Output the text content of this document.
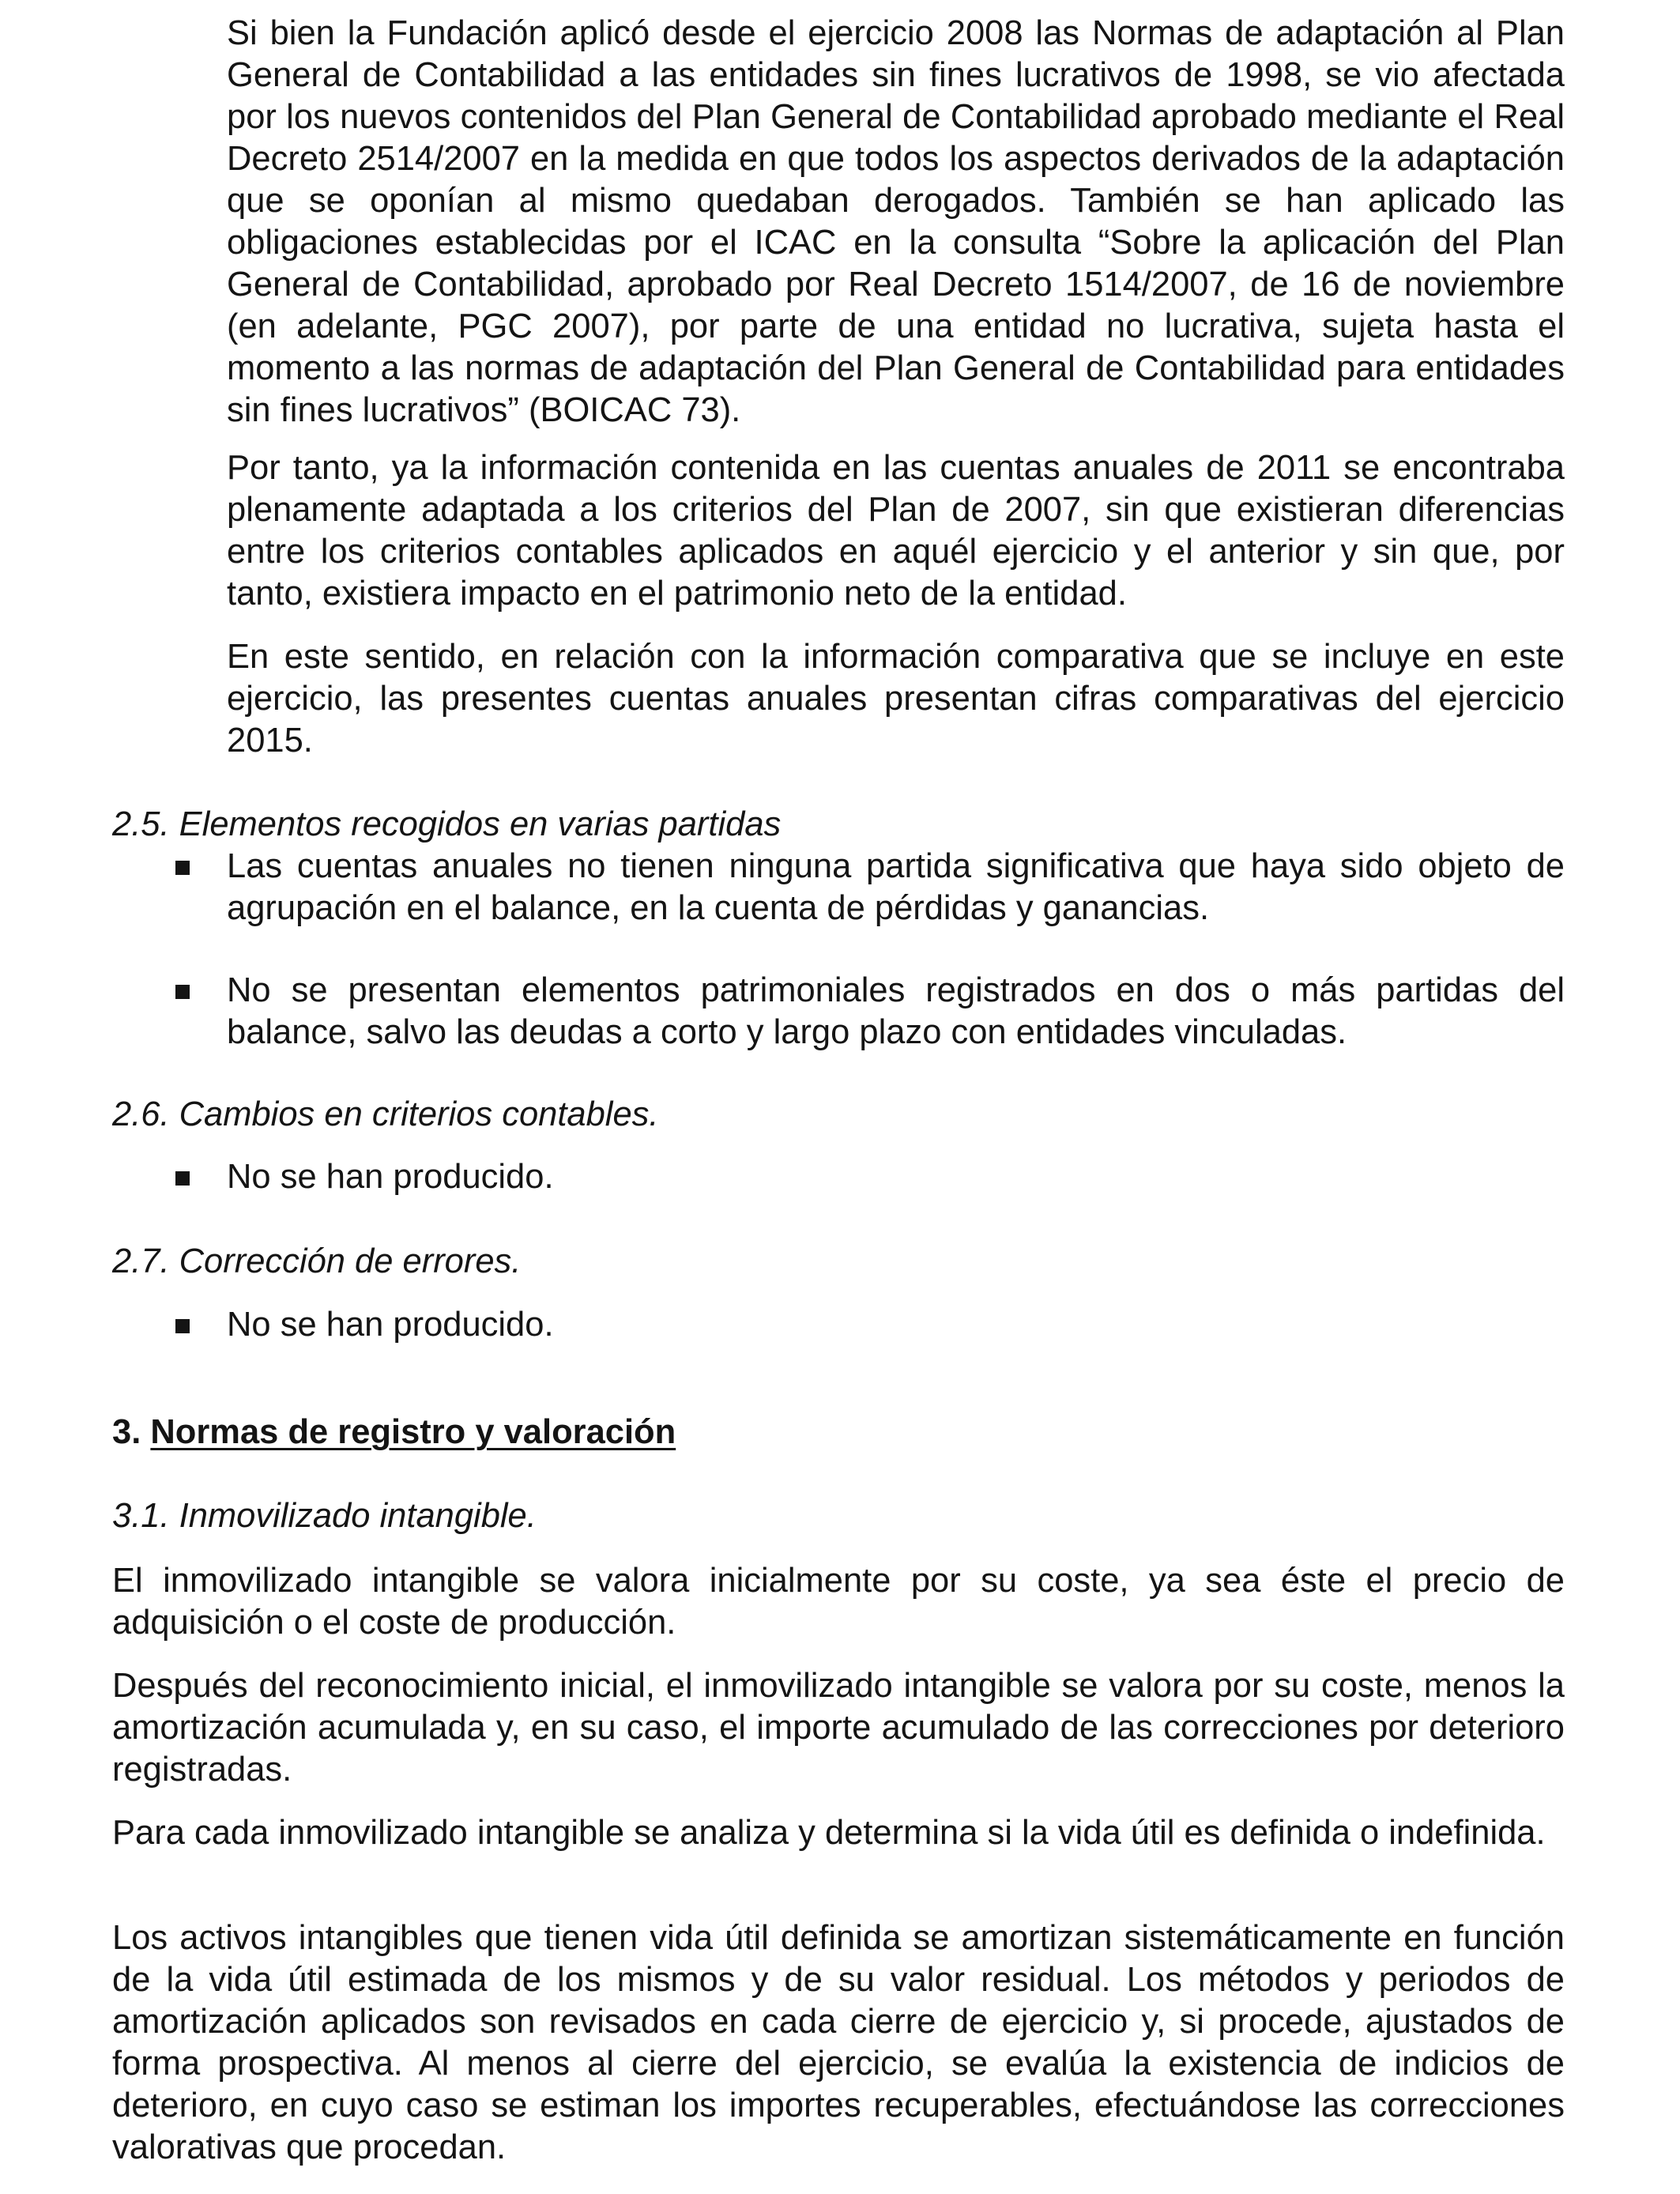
Si bien la Fundación aplicó desde el ejercicio 2008 las Normas de adaptación al Plan General de Contabilidad a las entidades sin fines lucrativos de 1998, se vio afectada por los nuevos contenidos del Plan General de Contabilidad aprobado mediante el Real Decreto 2514/2007 en la medida en que todos los aspectos derivados de la adaptación que se oponían al mismo quedaban derogados. También se han aplicado las obligaciones establecidas por el ICAC en la consulta “Sobre la aplicación del Plan General de Contabilidad, aprobado por Real Decreto 1514/2007, de 16 de noviembre (en adelante, PGC 2007), por parte de una entidad no lucrativa, sujeta hasta el momento a las normas de adaptación del Plan General de Contabilidad para entidades sin fines lucrativos” (BOICAC 73).

Por tanto, ya la información contenida en las cuentas anuales de 2011 se encontraba plenamente adaptada a los criterios del Plan de 2007, sin que existieran diferencias entre los criterios contables aplicados en aquél ejercicio y el anterior y sin que, por tanto, existiera impacto en el patrimonio neto de la entidad.

En este sentido, en relación con la información comparativa que se incluye en este ejercicio, las presentes cuentas anuales presentan cifras comparativas del ejercicio 2015.

2.5. Elementos recogidos en varias partidas

Las cuentas anuales no tienen ninguna partida significativa que haya sido objeto de agrupación en el balance, en la cuenta de pérdidas y ganancias.

No se presentan elementos patrimoniales registrados en dos o más partidas del balance, salvo las deudas a corto y largo plazo con entidades vinculadas.

2.6. Cambios en criterios contables.

No se han producido.

2.7. Corrección de errores.

No se han producido.

3. Normas de registro y valoración
3.1. Inmovilizado intangible.

El inmovilizado intangible se valora inicialmente por su coste, ya sea éste el precio de adquisición o el coste de producción.

Después del reconocimiento inicial, el inmovilizado intangible se valora por su coste, menos la amortización acumulada y, en su caso, el importe acumulado de las correcciones por deterioro registradas.

Para cada inmovilizado intangible se analiza y determina si la vida útil es definida o indefinida.

Los activos intangibles que tienen vida útil definida se amortizan sistemáticamente en función de la vida útil estimada de los mismos y de su valor residual. Los métodos y periodos de amortización aplicados son revisados en cada cierre de ejercicio y, si procede, ajustados de forma prospectiva. Al menos al cierre del ejercicio, se evalúa la existencia de indicios de deterioro, en cuyo caso se estiman los importes recuperables, efectuándose las correcciones valorativas que procedan.
